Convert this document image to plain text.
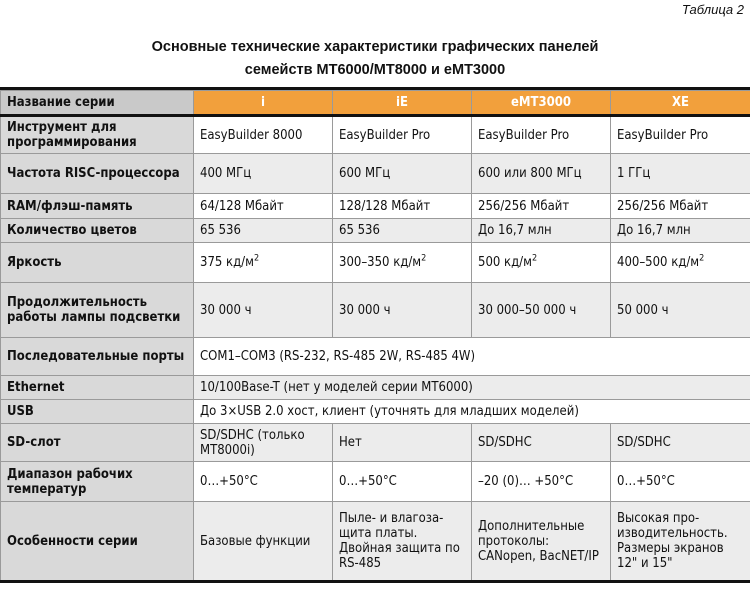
Таблица 2
Основные технические характеристики графических панелей
семейств MT6000/MT8000 и eMT3000
Название серии	i	iE	eMT3000	XE
Инструмент для программирования	EasyBuilder 8000	EasyBuilder Pro	EasyBuilder Pro	EasyBuilder Pro
Частота RISC-процессора	400 МГц	600 МГц	600 или 800 МГц	1 ГГц
RAM/флэш-память	64/128 Мбайт	128/128 Мбайт	256/256 Мбайт	256/256 Мбайт
Количество цветов	65 536	65 536	До 16,7 млн	До 16,7 млн
Яркость	375 $кд/м^2$	300–350 $кд/м^2$	500 $кд/м^2$	400–500 $кд/м^2$
Продолжительность работы лампы подсветки	30 000 ч	30 000 ч	30 000–50 000 ч	50 000 ч
Последовательные порты	COM1–COM3 (RS-232, RS-485 2W, RS-485 4W)			
Ethernet	10/100Base-T (нет у моделей серии MT6000)			
USB	До 3×USB 2.0 хост, клиент (уточнять для младших моделей)			
SD-слот	SD/SDHC (только MT8000i)	Нет	SD/SDHC	SD/SDHC
Диапазон рабочих температур	0…+50°C	0…+50°C	–20 (0)… +50°C	0…+50°C
Особенности серии	Базовые функции	Пыле- и влагоза-щита платы. Двойная защита по RS-485	Дополнительные протоколы: CANopen, BacNET/IP	Высокая про-изводительность. Размеры экранов 12" и 15"
